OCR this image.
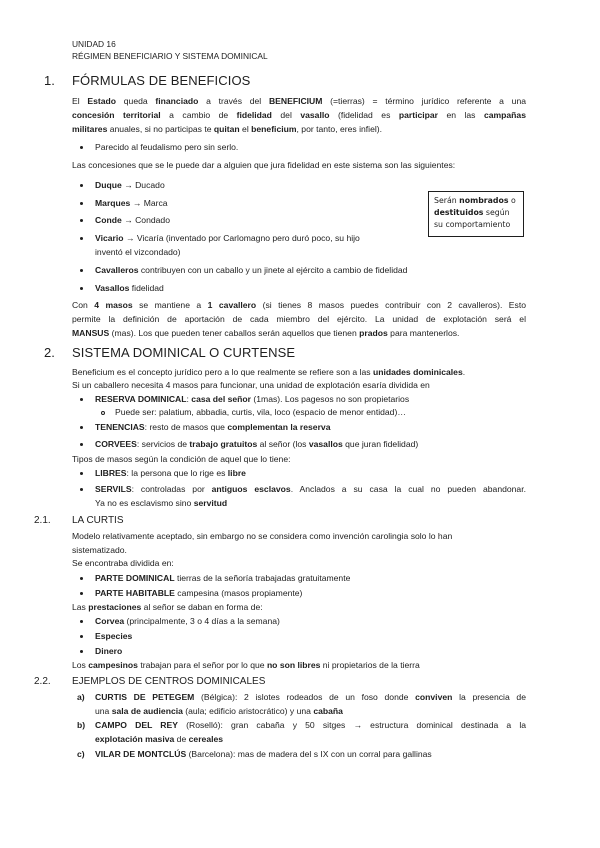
UNIDAD 16
RÉGIMEN BENEFICIARIO Y SISTEMA DOMINICAL
1. FÓRMULAS DE BENEFICIOS
El Estado queda financiado a través del BENEFICIUM (=tierras) = término jurídico referente a una
concesión territorial a cambio de fidelidad del vasallo (fidelidad es participar en las campañas
militares anuales, si no participas te quitan el beneficium, por tanto, eres infiel).
Parecido al feudalismo pero sin serlo.
Las concesiones que se le puede dar a alguien que jura fidelidad en este sistema son las siguientes:
Duque → Ducado
Marques → Marca
Conde → Condado
Vicario → Vicaría (inventado por Carlomagno pero duró poco, su hijo
inventó el vizcondado)
Serán nombrados o
destituidos según
su comportamiento
Cavalleros contribuyen con un caballo y un jinete al ejército a cambio de fidelidad
Vasallos fidelidad
Con 4 masos se mantiene a 1 cavallero (si tienes 8 masos puedes contribuir con 2 cavalleros). Esto
permite la definición de aportación de cada miembro del ejército. La unidad de explotación será el
MANSUS (mas). Los que pueden tener caballos serán aquellos que tienen prados para mantenerlos.
2. SISTEMA DOMINICAL O CURTENSE
Beneficium es el concepto jurídico pero a lo que realmente se refiere son a las unidades dominicales.
Si un caballero necesita 4 masos para funcionar, una unidad de explotación esaría dividida en
RESERVA DOMINICAL: casa del señor (1mas). Los pagesos no son propietarios
Puede ser: palatium, abbadia, curtis, vila, loco (espacio de menor entidad)…
TENENCIAS: resto de masos que complementan la reserva
CORVEES: servicios de trabajo gratuitos al señor (los vasallos que juran fidelidad)
Tipos de masos según la condición de aquel que lo tiene:
LIBRES: la persona que lo rige es libre
SERVILS: controladas por antiguos esclavos. Anclados a su casa la cual no pueden abandonar.
Ya no es esclavismo sino servitud
2.1. LA CURTIS
Modelo relativamente aceptado, sin embargo no se considera como invención carolingia solo lo han
sistematizado.
Se encontraba dividida en:
PARTE DOMINICAL tierras de la señoría trabajadas gratuitamente
PARTE HABITABLE campesina (masos propiamente)
Las prestaciones al señor se daban en forma de:
Corvea (principalmente, 3 o 4 días a la semana)
Especies
Dinero
Los campesinos trabajan para el señor por lo que no son libres ni propietarios de la tierra
2.2. EJEMPLOS DE CENTROS DOMINICALES
a) CURTIS DE PETEGEM (Bélgica): 2 islotes rodeados de un foso donde conviven la presencia de
una sala de audiencia (aula; edificio aristocrático) y una cabaña
b) CAMPO DEL REY (Roselló): gran cabaña y 50 sitges → estructura dominical destinada a la
explotación masiva de cereales
c) VILAR DE MONTCLÚS (Barcelona): mas de madera del s IX con un corral para gallinas
